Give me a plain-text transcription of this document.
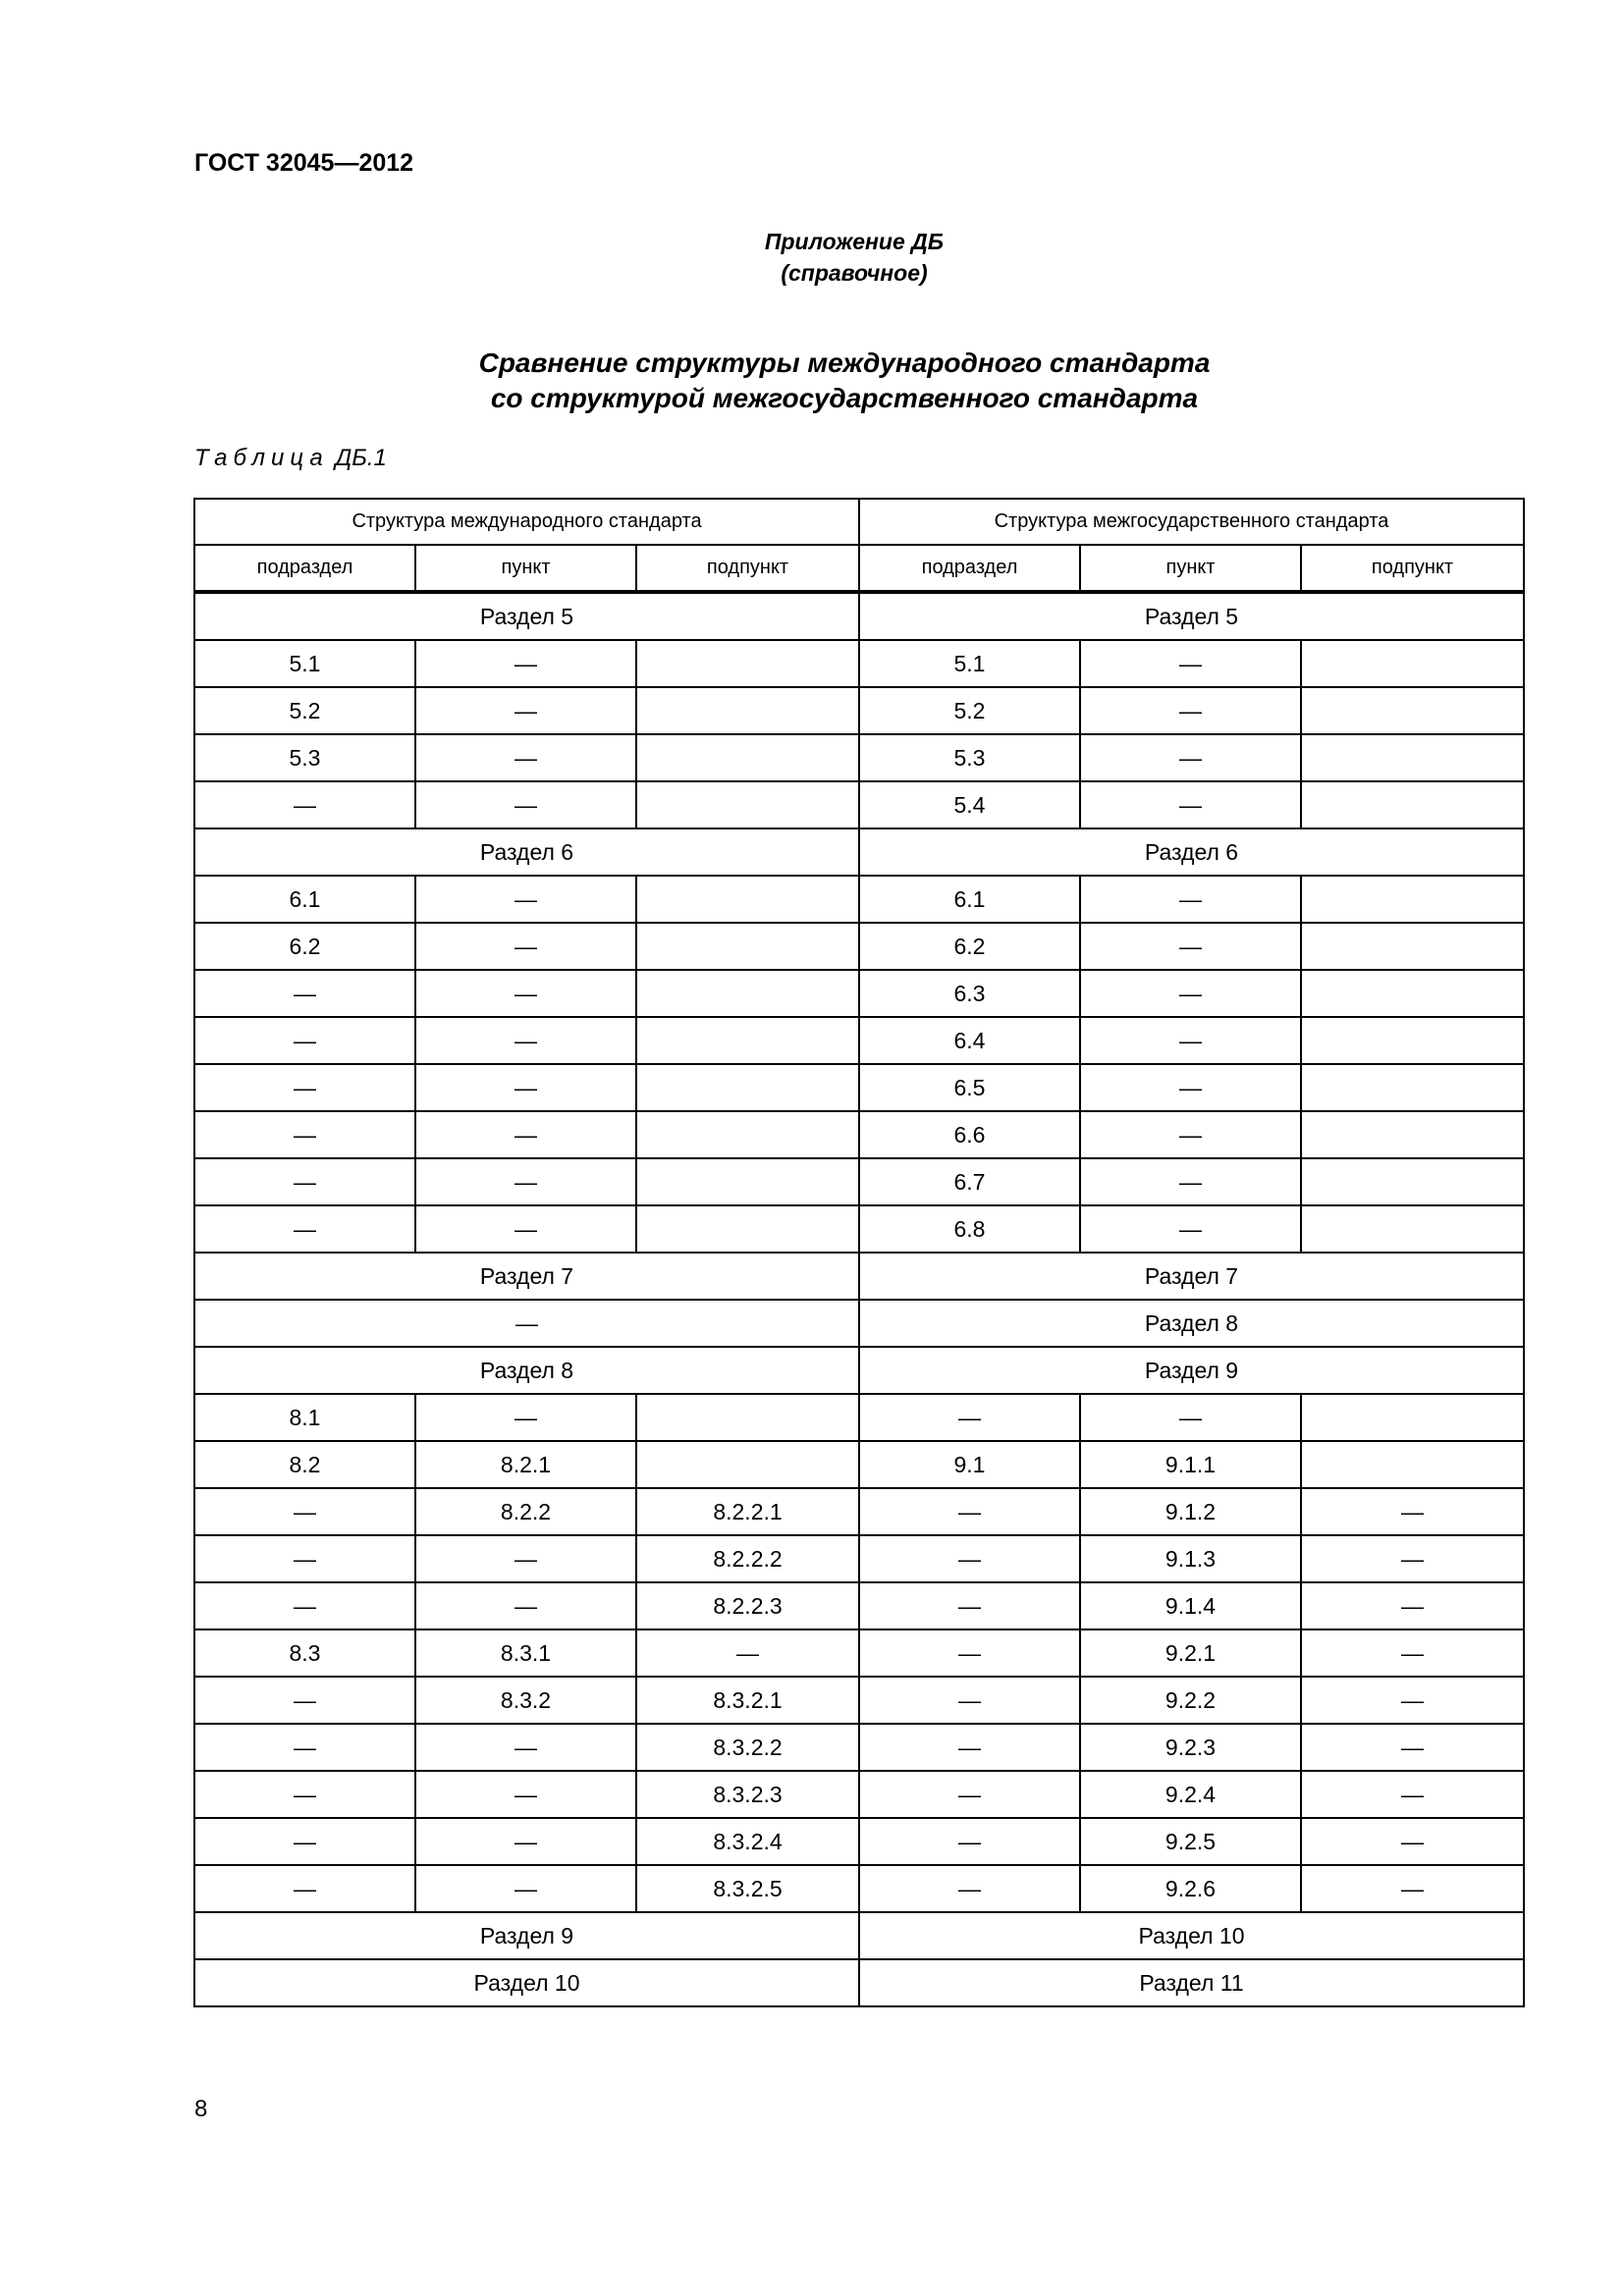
ГОСТ 32045—2012
Приложение ДБ
(справочное)
Сравнение структуры международного стандарта
со структурой межгосударственного стандарта
Таблица ДБ.1
Структура международного стандарта			Структура межгосударственного стандарта		
подраздел	пункт	подпункт	подраздел	пункт	подпункт
Раздел 5			Раздел 5		
5.1	—		5.1	—	
5.2	—		5.2	—	
5.3	—		5.3	—	
—	—		5.4	—	
Раздел 6			Раздел 6		
6.1	—		6.1	—	
6.2	—		6.2	—	
—	—		6.3	—	
—	—		6.4	—	
—	—		6.5	—	
—	—		6.6	—	
—	—		6.7	—	
—	—		6.8	—	
Раздел 7			Раздел 7		
—			Раздел 8		
Раздел 8			Раздел 9		
8.1	—		—	—	
8.2	8.2.1		9.1	9.1.1	
—	8.2.2	8.2.2.1	—	9.1.2	—
—	—	8.2.2.2	—	9.1.3	—
—	—	8.2.2.3	—	9.1.4	—
8.3	8.3.1	—	—	9.2.1	—
—	8.3.2	8.3.2.1	—	9.2.2	—
—	—	8.3.2.2	—	9.2.3	—
—	—	8.3.2.3	—	9.2.4	—
—	—	8.3.2.4	—	9.2.5	—
—	—	8.3.2.5	—	9.2.6	—
Раздел 9			Раздел 10		
Раздел 10			Раздел 11		
8
